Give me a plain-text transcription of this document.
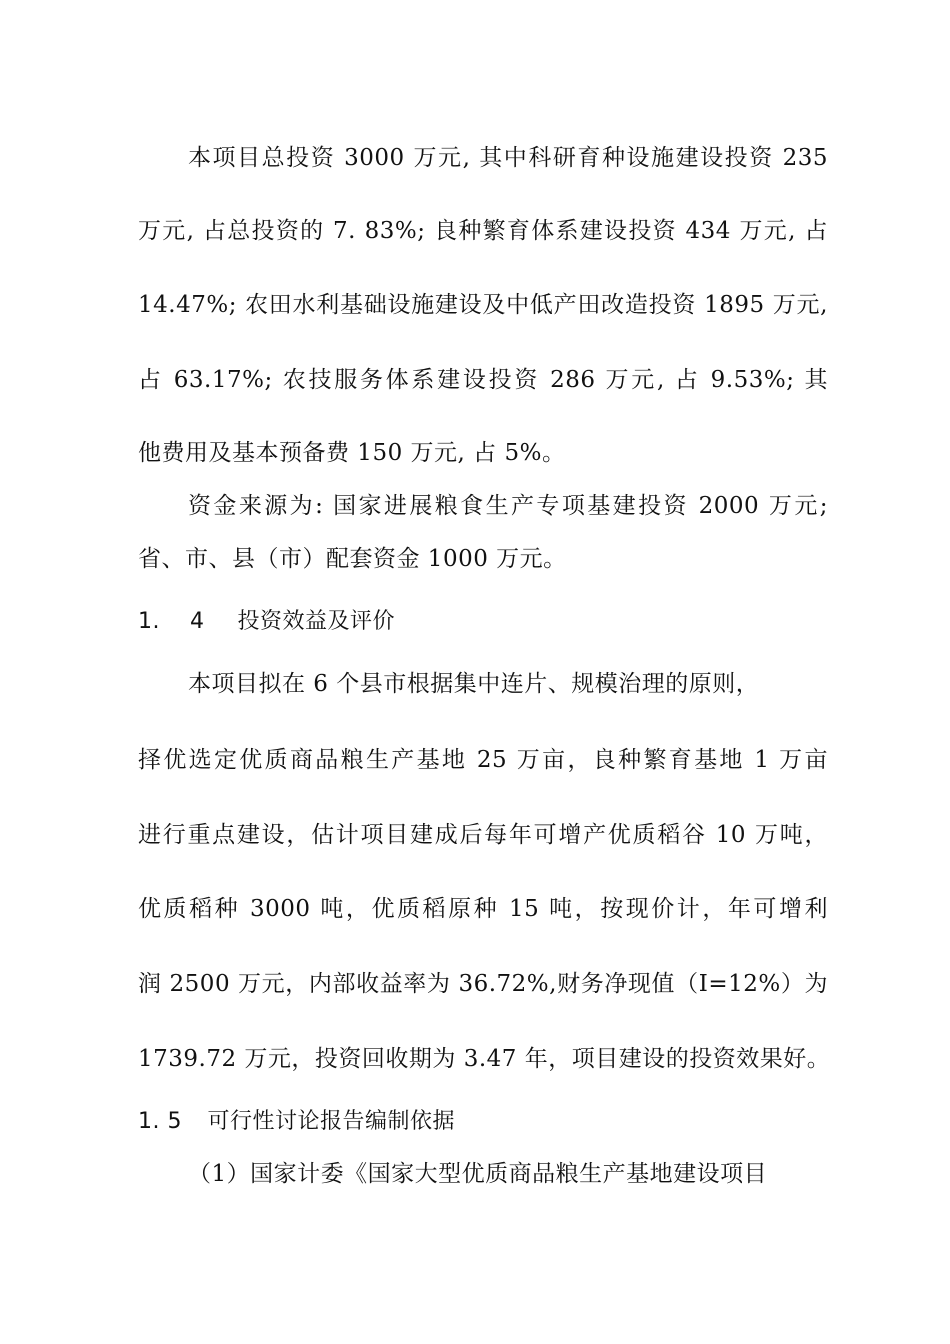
本项目总投资 3000 万元, 其中科研育种设施建设投资 235
万元, 占总投资的 7. 83%; 良种繁育体系建设投资 434 万元, 占
14.47%; 农田水利基础设施建设及中低产田改造投资 1895 万元,
占 63.17%; 农技服务体系建设投资 286 万元, 占 9.53%; 其
他费用及基本预备费 150 万元, 占 5%。
资金来源为: 国家进展粮食生产专项基建投资 2000 万元;
省、市、县（市）配套资金 1000 万元。
1.    4 投资效益及评价
本项目拟在 6 个县市根据集中连片、规模治理的原则，
择优选定优质商品粮生产基地 25 万亩，良种繁育基地 1 万亩
进行重点建设，估计项目建成后每年可增产优质稻谷 10 万吨，
优质稻种 3000 吨，优质稻原种 15 吨，按现价计，年可增利
润 2500 万元，内部收益率为 36.72%,财务净现值（I=12%）为
1739.72 万元，投资回收期为 3.47 年，项目建设的投资效果好。
1. 5 可行性讨论报告编制依据
（1）国家计委《国家大型优质商品粮生产基地建设项目
